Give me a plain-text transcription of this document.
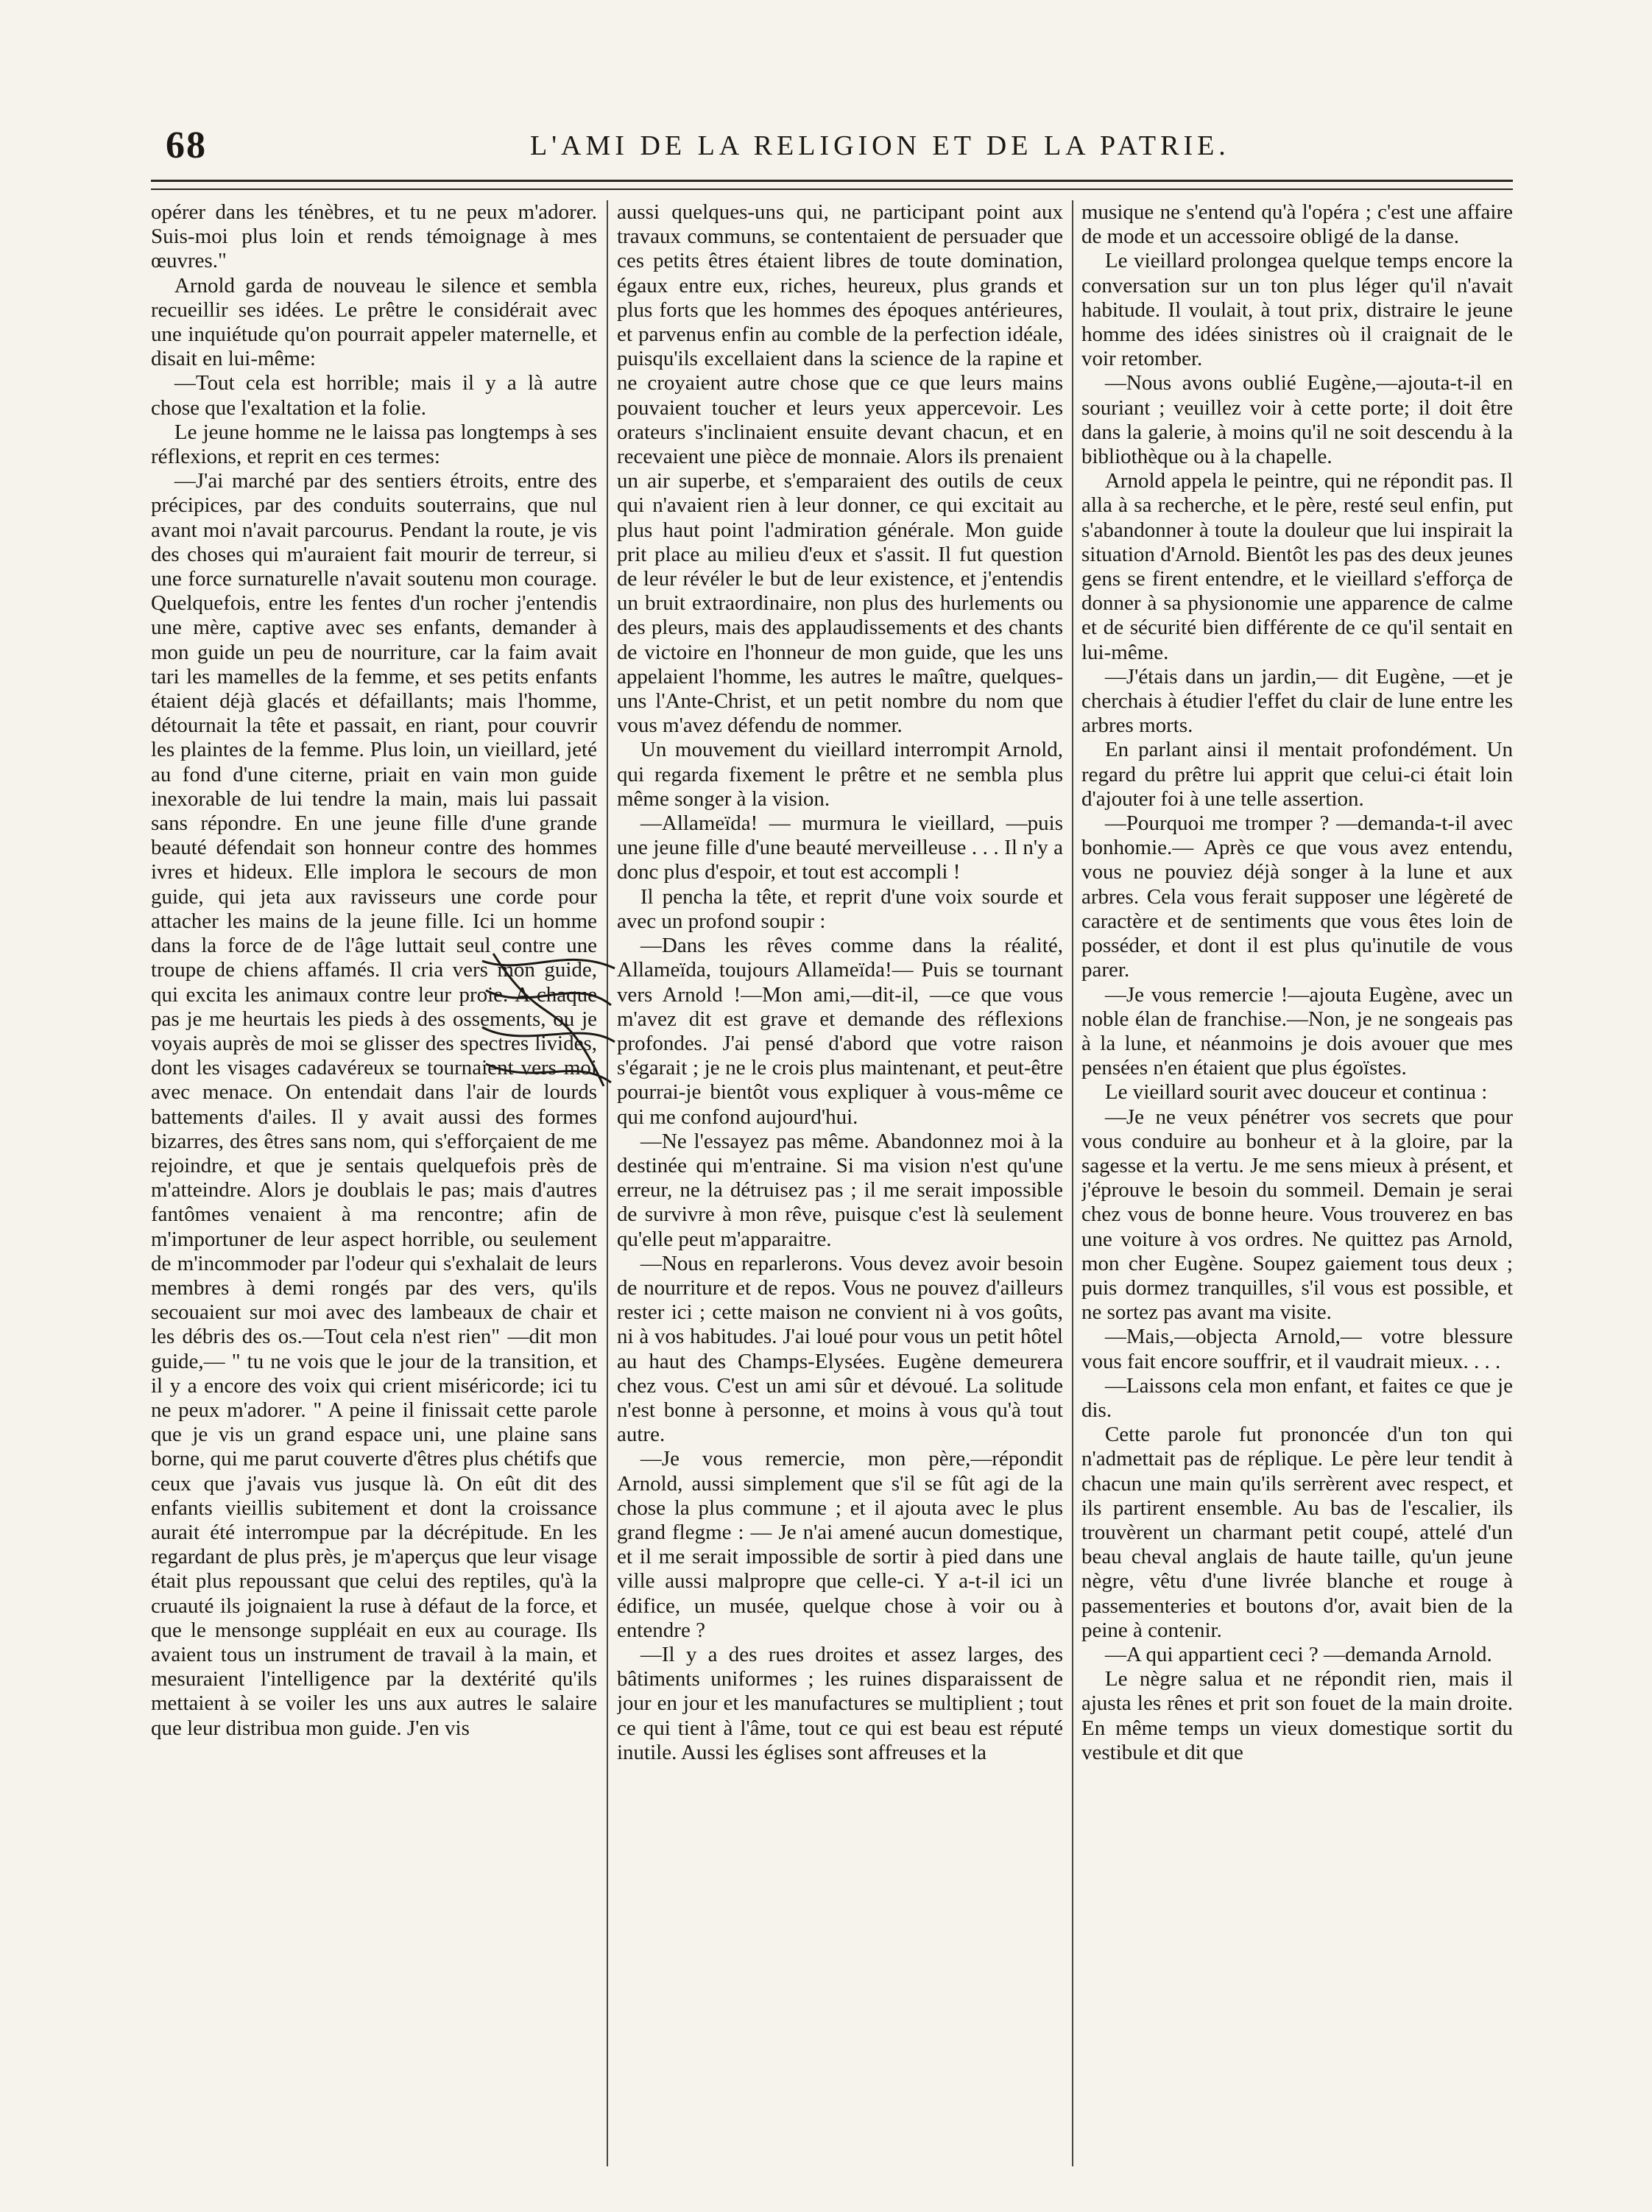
68	L'AMI DE LA RELIGION ET DE LA PATRIE.

opérer dans les ténèbres, et tu ne peux m'adorer. Suis-moi plus loin et rends témoignage à mes œuvres."

Arnold garda de nouveau le silence et sembla recueillir ses idées. Le prêtre le considérait avec une inquiétude qu'on pourrait appeler maternelle, et disait en lui-même:

—Tout cela est horrible; mais il y a là autre chose que l'exaltation et la folie.

Le jeune homme ne le laissa pas longtemps à ses réflexions, et reprit en ces termes:

—J'ai marché par des sentiers étroits, entre des précipices, par des conduits souterrains, que nul avant moi n'avait parcourus. Pendant la route, je vis des choses qui m'auraient fait mourir de terreur, si une force surnaturelle n'avait soutenu mon courage. Quelquefois, entre les fentes d'un rocher j'entendis une mère, captive avec ses enfants, demander à mon guide un peu de nourriture, car la faim avait tari les mamelles de la femme, et ses petits enfants étaient déjà glacés et défaillants; mais l'homme, détournait la tête et passait, en riant, pour couvrir les plaintes de la femme. Plus loin, un vieillard, jeté au fond d'une citerne, priait en vain mon guide inexorable de lui tendre la main, mais lui passait sans répondre. En une jeune fille d'une grande beauté défendait son honneur contre des hommes ivres et hideux. Elle implora le secours de mon guide, qui jeta aux ravisseurs une corde pour attacher les mains de la jeune fille. Ici un homme dans la force de de l'âge luttait seul contre une troupe de chiens affamés. Il cria vers mon guide, qui excita les animaux contre leur proie. A chaque pas je me heurtais les pieds à des ossements, ou je voyais auprès de moi se glisser des spectres livides, dont les visages cadavéreux se tournaient vers moi avec menace. On entendait dans l'air de lourds battements d'ailes. Il y avait aussi des formes bizarres, des êtres sans nom, qui s'efforçaient de me rejoindre, et que je sentais quelquefois près de m'atteindre. Alors je doublais le pas; mais d'autres fantômes venaient à ma rencontre; afin de m'importuner de leur aspect horrible, ou seulement de m'incommoder par l'odeur qui s'exhalait de leurs membres à demi rongés par des vers, qu'ils secouaient sur moi avec des lambeaux de chair et les débris des os.—Tout cela n'est rien" —dit mon guide,— " tu ne vois que le jour de la transition, et il y a encore des voix qui crient miséricorde; ici tu ne peux m'adorer. " A peine il finissait cette parole que je vis un grand espace uni, une plaine sans borne, qui me parut couverte d'êtres plus chétifs que ceux que j'avais vus jusque là. On eût dit des enfants vieillis subitement et dont la croissance aurait été interrompue par la décrépitude. En les regardant de plus près, je m'aperçus que leur visage était plus repoussant que celui des reptiles, qu'à la cruauté ils joignaient la ruse à défaut de la force, et que le mensonge suppléait en eux au courage. Ils avaient tous un instrument de travail à la main, et mesuraient l'intelligence par la dextérité qu'ils mettaient à se voiler les uns aux autres le salaire que leur distribua mon guide. J'en vis

aussi quelques-uns qui, ne participant point aux travaux communs, se contentaient de persuader que ces petits êtres étaient libres de toute domination, égaux entre eux, riches, heureux, plus grands et plus forts que les hommes des époques antérieures, et parvenus enfin au comble de la perfection idéale, puisqu'ils excellaient dans la science de la rapine et ne croyaient autre chose que ce que leurs mains pouvaient toucher et leurs yeux appercevoir. Les orateurs s'inclinaient ensuite devant chacun, et en recevaient une pièce de monnaie. Alors ils prenaient un air superbe, et s'emparaient des outils de ceux qui n'avaient rien à leur donner, ce qui excitait au plus haut point l'admiration générale. Mon guide prit place au milieu d'eux et s'assit. Il fut question de leur révéler le but de leur existence, et j'entendis un bruit extraordinaire, non plus des hurlements ou des pleurs, mais des applaudissements et des chants de victoire en l'honneur de mon guide, que les uns appelaient l'homme, les autres le maître, quelques-uns l'Ante-Christ, et un petit nombre du nom que vous m'avez défendu de nommer.

Un mouvement du vieillard interrompit Arnold, qui regarda fixement le prêtre et ne sembla plus même songer à la vision.

—Allameïda! — murmura le vieillard, —puis une jeune fille d'une beauté merveilleuse . . . Il n'y a donc plus d'espoir, et tout est accompli !

Il pencha la tête, et reprit d'une voix sourde et avec un profond soupir :

—Dans les rêves comme dans la réalité, Allameïda, toujours Allameïda!— Puis se tournant vers Arnold !—Mon ami,—dit-il, —ce que vous m'avez dit est grave et demande des réflexions profondes. J'ai pensé d'abord que votre raison s'égarait ; je ne le crois plus maintenant, et peut-être pourrai-je bientôt vous expliquer à vous-même ce qui me confond aujourd'hui.

—Ne l'essayez pas même. Abandonnez moi à la destinée qui m'entraine. Si ma vision n'est qu'une erreur, ne la détruisez pas ; il me serait impossible de survivre à mon rêve, puisque c'est là seulement qu'elle peut m'apparaitre.

—Nous en reparlerons. Vous devez avoir besoin de nourriture et de repos. Vous ne pouvez d'ailleurs rester ici ; cette maison ne convient ni à vos goûts, ni à vos habitudes. J'ai loué pour vous un petit hôtel au haut des Champs-Elysées. Eugène demeurera chez vous. C'est un ami sûr et dévoué. La solitude n'est bonne à personne, et moins à vous qu'à tout autre.

—Je vous remercie, mon père,—répondit Arnold, aussi simplement que s'il se fût agi de la chose la plus commune ; et il ajouta avec le plus grand flegme : — Je n'ai amené aucun domestique, et il me serait impossible de sortir à pied dans une ville aussi malpropre que celle-ci. Y a-t-il ici un édifice, un musée, quelque chose à voir ou à entendre ?

—Il y a des rues droites et assez larges, des bâtiments uniformes ; les ruines disparaissent de jour en jour et les manufactures se multiplient ; tout ce qui tient à l'âme, tout ce qui est beau est réputé inutile. Aussi les églises sont affreuses et la

musique ne s'entend qu'à l'opéra ; c'est une affaire de mode et un accessoire obligé de la danse.

Le vieillard prolongea quelque temps encore la conversation sur un ton plus léger qu'il n'avait habitude. Il voulait, à tout prix, distraire le jeune homme des idées sinistres où il craignait de le voir retomber.

—Nous avons oublié Eugène,—ajouta-t-il en souriant ; veuillez voir à cette porte; il doit être dans la galerie, à moins qu'il ne soit descendu à la bibliothèque ou à la chapelle.

Arnold appela le peintre, qui ne répondit pas. Il alla à sa recherche, et le père, resté seul enfin, put s'abandonner à toute la douleur que lui inspirait la situation d'Arnold. Bientôt les pas des deux jeunes gens se firent entendre, et le vieillard s'efforça de donner à sa physionomie une apparence de calme et de sécurité bien différente de ce qu'il sentait en lui-même.

—J'étais dans un jardin,— dit Eugène, —et je cherchais à étudier l'effet du clair de lune entre les arbres morts.

En parlant ainsi il mentait profondément. Un regard du prêtre lui apprit que celui-ci était loin d'ajouter foi à une telle assertion.

—Pourquoi me tromper ? —demanda-t-il avec bonhomie.— Après ce que vous avez entendu, vous ne pouviez déjà songer à la lune et aux arbres. Cela vous ferait supposer une légèreté de caractère et de sentiments que vous êtes loin de posséder, et dont il est plus qu'inutile de vous parer.

—Je vous remercie !—ajouta Eugène, avec un noble élan de franchise.—Non, je ne songeais pas à la lune, et néanmoins je dois avouer que mes pensées n'en étaient que plus égoïstes.

Le vieillard sourit avec douceur et continua :

—Je ne veux pénétrer vos secrets que pour vous conduire au bonheur et à la gloire, par la sagesse et la vertu. Je me sens mieux à présent, et j'éprouve le besoin du sommeil. Demain je serai chez vous de bonne heure. Vous trouverez en bas une voiture à vos ordres. Ne quittez pas Arnold, mon cher Eugène. Soupez gaiement tous deux ; puis dormez tranquilles, s'il vous est possible, et ne sortez pas avant ma visite.

—Mais,—objecta Arnold,— votre blessure vous fait encore souffrir, et il vaudrait mieux. . . .

—Laissons cela mon enfant, et faites ce que je dis.

Cette parole fut prononcée d'un ton qui n'admettait pas de réplique. Le père leur tendit à chacun une main qu'ils serrèrent avec respect, et ils partirent ensemble. Au bas de l'escalier, ils trouvèrent un charmant petit coupé, attelé d'un beau cheval anglais de haute taille, qu'un jeune nègre, vêtu d'une livrée blanche et rouge à passementeries et boutons d'or, avait bien de la peine à contenir.

—A qui appartient ceci ? —demanda Arnold.

Le nègre salua et ne répondit rien, mais il ajusta les rênes et prit son fouet de la main droite. En même temps un vieux domestique sortit du vestibule et dit que
